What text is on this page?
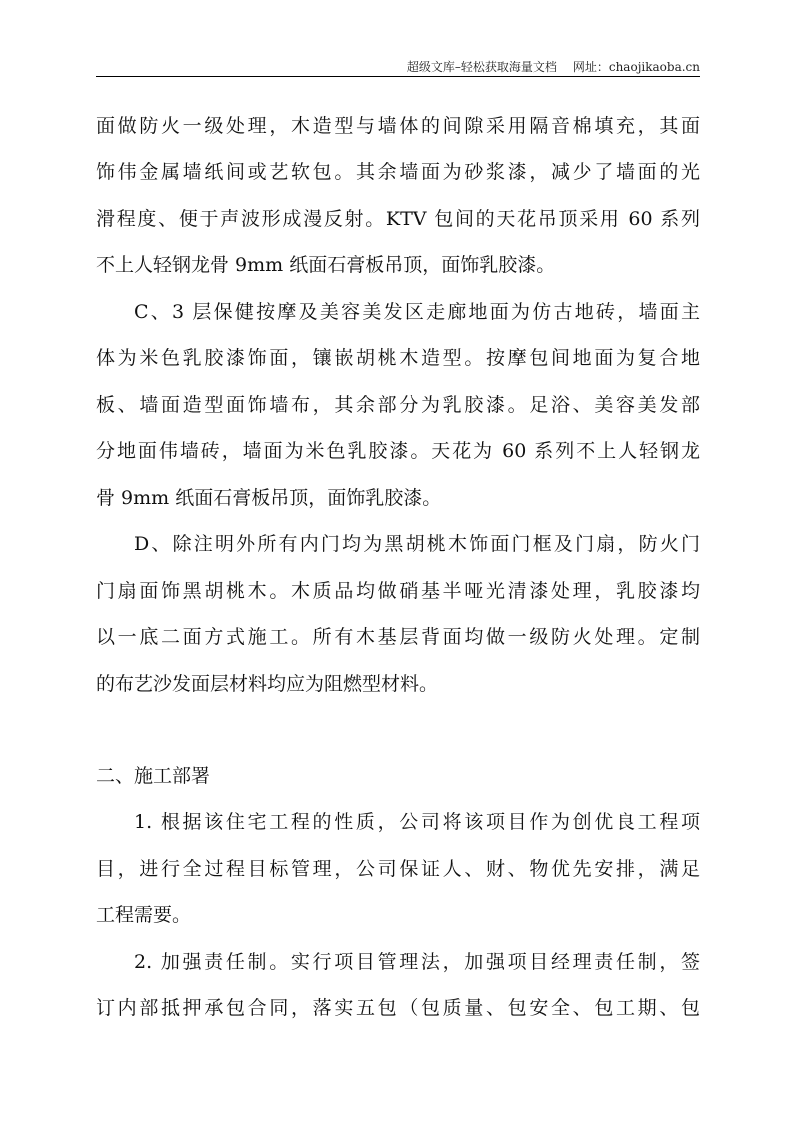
超级文库–轻松获取海量文档 网址：chaojikaoba.cn
面做防火一级处理，木造型与墙体的间隙采用隔音棉填充，其面
饰伟金属墙纸间或艺软包。其余墙面为砂浆漆，减少了墙面的光
滑程度、便于声波形成漫反射。KTV 包间的天花吊顶采用 60 系列
不上人轻钢龙骨 9mm 纸面石膏板吊顶，面饰乳胶漆。
C、3 层保健按摩及美容美发区走廊地面为仿古地砖，墙面主
体为米色乳胶漆饰面，镶嵌胡桃木造型。按摩包间地面为复合地
板、墙面造型面饰墙布，其余部分为乳胶漆。足浴、美容美发部
分地面伟墙砖，墙面为米色乳胶漆。天花为 60 系列不上人轻钢龙
骨 9mm 纸面石膏板吊顶，面饰乳胶漆。
D、除注明外所有内门均为黑胡桃木饰面门框及门扇，防火门
门扇面饰黑胡桃木。木质品均做硝基半哑光清漆处理，乳胶漆均
以一底二面方式施工。所有木基层背面均做一级防火处理。定制
的布艺沙发面层材料均应为阻燃型材料。
二、施工部署
1. 根据该住宅工程的性质，公司将该项目作为创优良工程项
目，进行全过程目标管理，公司保证人、财、物优先安排，满足
工程需要。
2. 加强责任制。实行项目管理法，加强项目经理责任制，签
订内部抵押承包合同，落实五包（包质量、包安全、包工期、包
